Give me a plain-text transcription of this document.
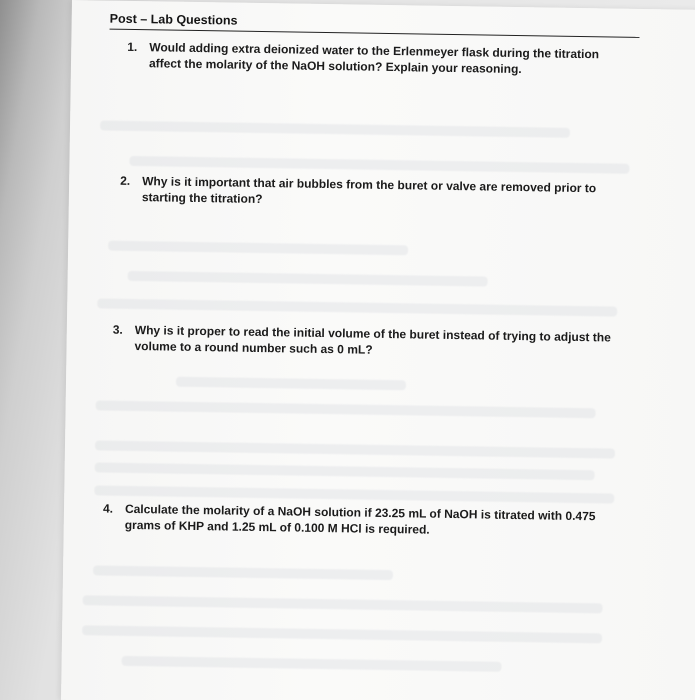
Post – Lab Questions
1. Would adding extra deionized water to the Erlenmeyer flask during the titration affect the molarity of the NaOH solution? Explain your reasoning.
2. Why is it important that air bubbles from the buret or valve are removed prior to starting the titration?
3. Why is it proper to read the initial volume of the buret instead of trying to adjust the volume to a round number such as 0 mL?
4. Calculate the molarity of a NaOH solution if 23.25 mL of NaOH is titrated with 0.475 grams of KHP and 1.25 mL of 0.100 M HCl is required.
